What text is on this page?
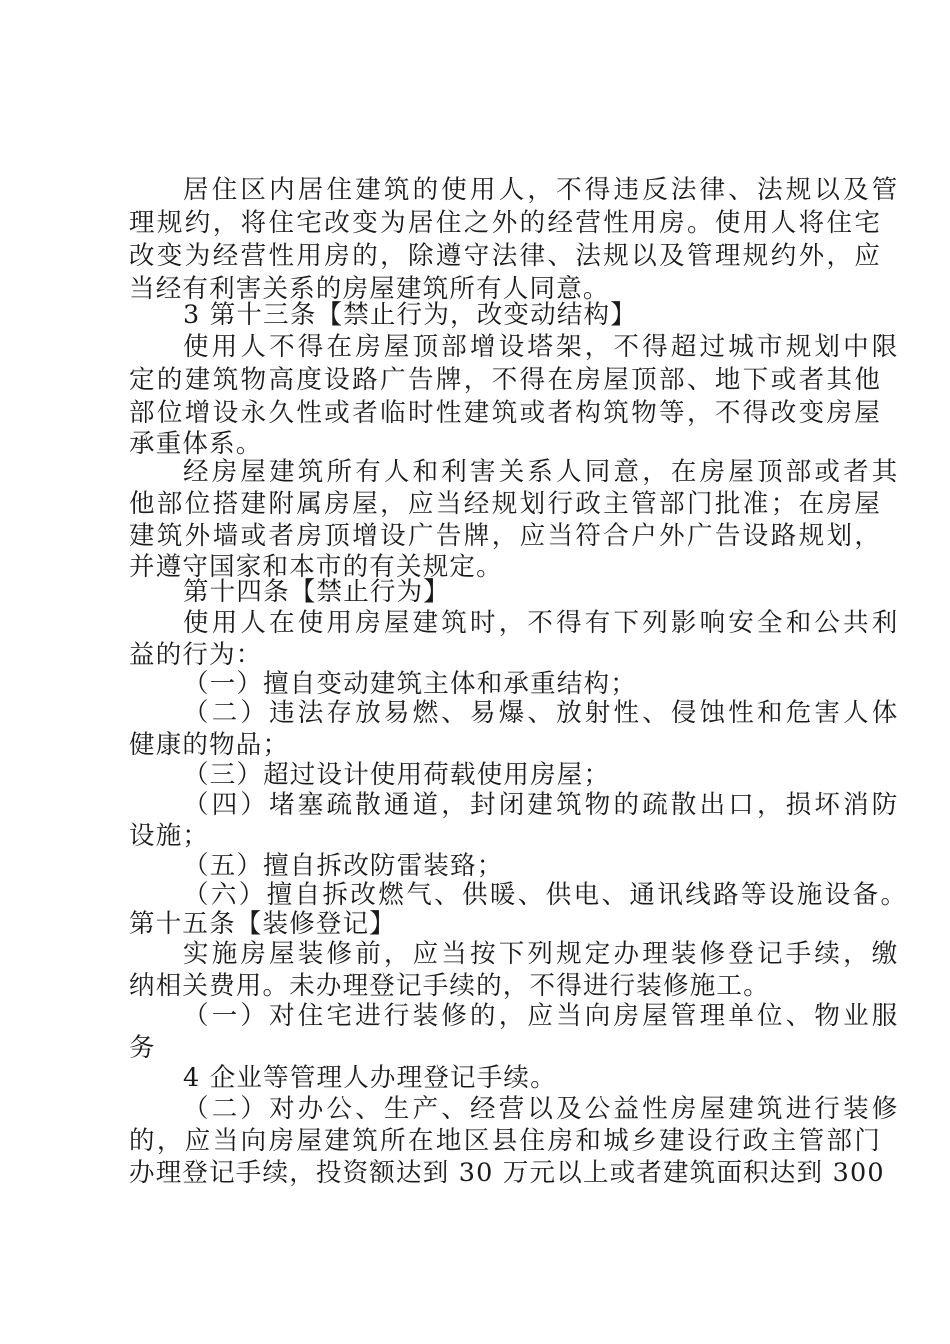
居住区内居住建筑的使用人，不得违反法律、法规以及管
理规约，将住宅改变为居住之外的经营性用房。使用人将住宅
改变为经营性用房的，除遵守法律、法规以及管理规约外，应
当经有利害关系的房屋建筑所有人同意。
3 第十三条【禁止行为，改变动结构】
使用人不得在房屋顶部增设塔架，不得超过城市规划中限
定的建筑物高度设路广告牌，不得在房屋顶部、地下或者其他
部位增设永久性或者临时性建筑或者构筑物等，不得改变房屋
承重体系。
经房屋建筑所有人和利害关系人同意，在房屋顶部或者其
他部位搭建附属房屋，应当经规划行政主管部门批准；在房屋
建筑外墙或者房顶增设广告牌，应当符合户外广告设路规划，
并遵守国家和本市的有关规定。
第十四条【禁止行为】
使用人在使用房屋建筑时，不得有下列影响安全和公共利
益的行为：
（一）擅自变动建筑主体和承重结构；
（二）违法存放易燃、易爆、放射性、侵蚀性和危害人体
健康的物品；
（三）超过设计使用荷载使用房屋；
（四）堵塞疏散通道，封闭建筑物的疏散出口，损坏消防
设施；
（五）擅自拆改防雷装臵；
（六）擅自拆改燃气、供暖、供电、通讯线路等设施设备。
第十五条【装修登记】
实施房屋装修前，应当按下列规定办理装修登记手续，缴
纳相关费用。未办理登记手续的，不得进行装修施工。
（一）对住宅进行装修的，应当向房屋管理单位、物业服
务
4 企业等管理人办理登记手续。
（二）对办公、生产、经营以及公益性房屋建筑进行装修
的，应当向房屋建筑所在地区县住房和城乡建设行政主管部门
办理登记手续，投资额达到 30 万元以上或者建筑面积达到 300
